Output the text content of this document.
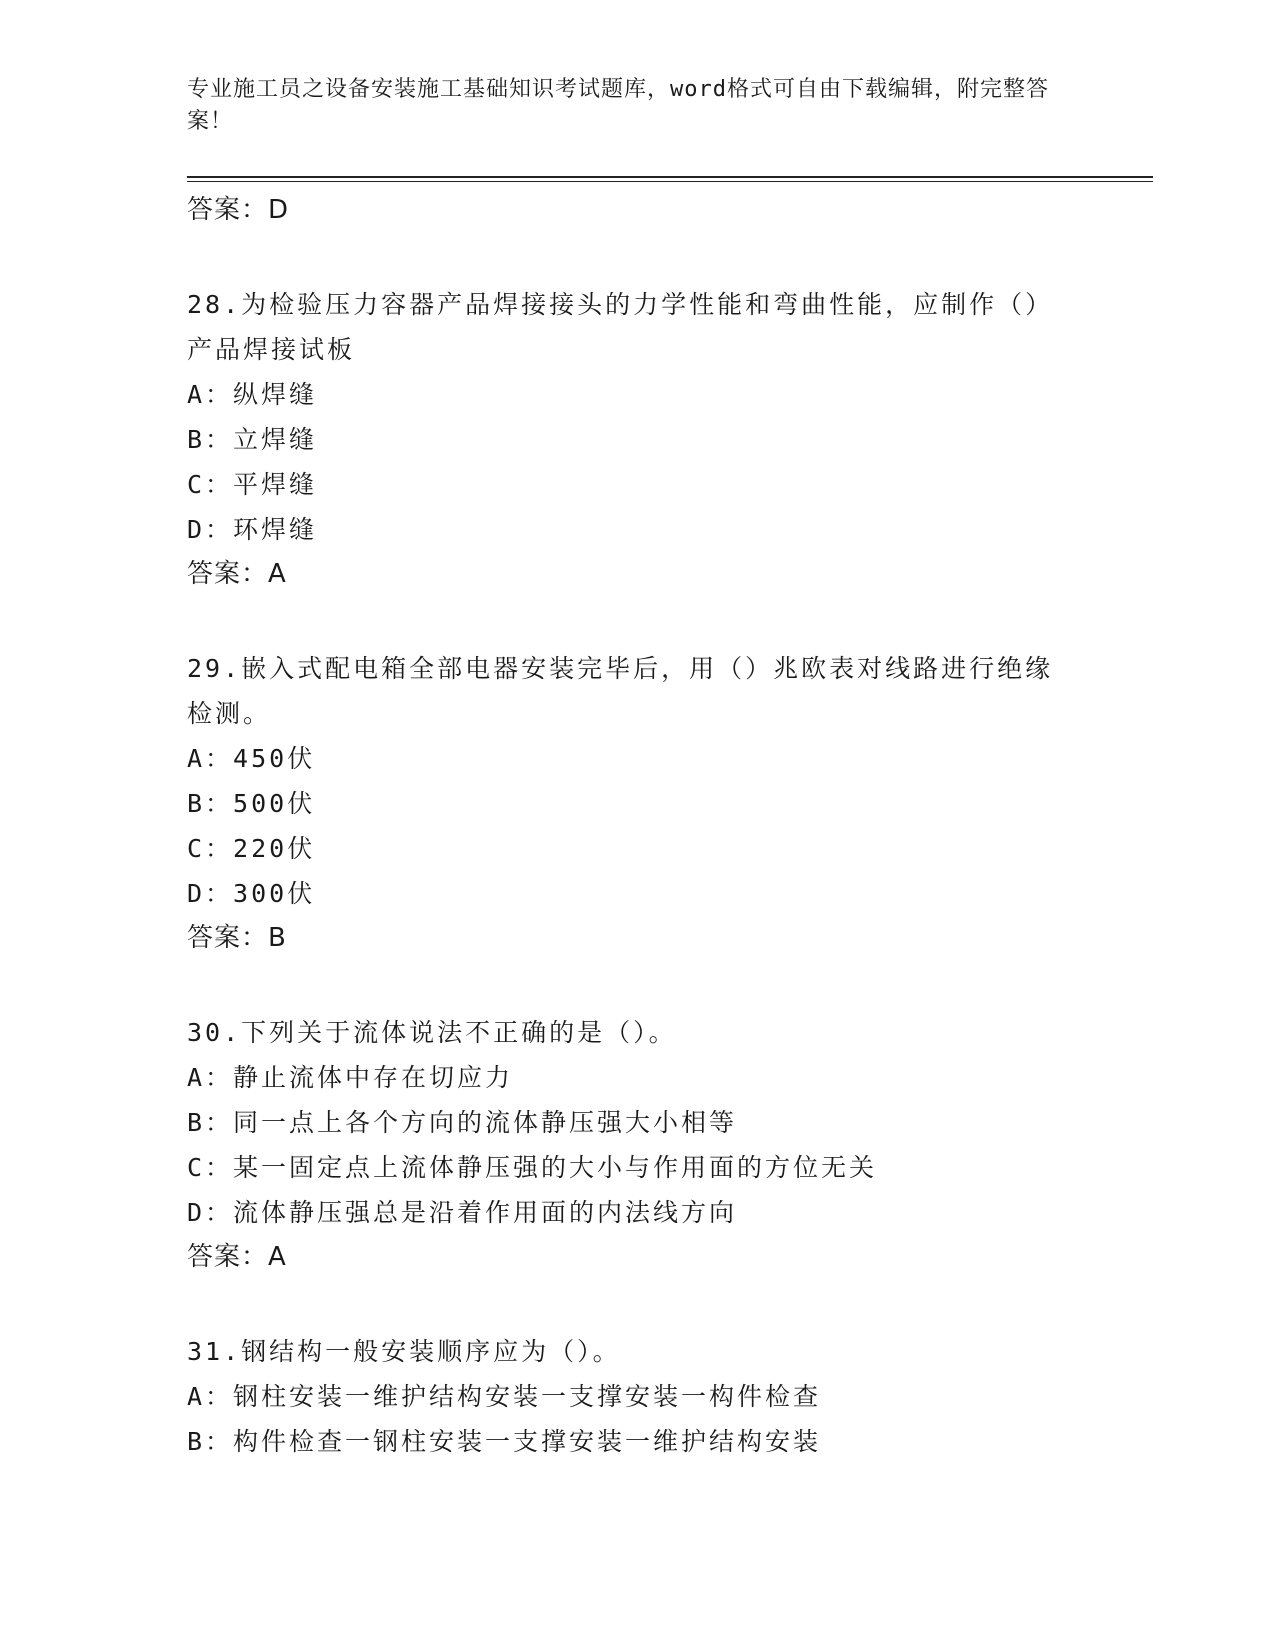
专业施工员之设备安装施工基础知识考试题库，word格式可自由下载编辑，附完整答案！
答案：D
28.为检验压力容器产品焊接接头的力学性能和弯曲性能，应制作（）产品焊接试板
A：纵焊缝
B：立焊缝
C：平焊缝
D：环焊缝
答案：A
29.嵌入式配电箱全部电器安装完毕后，用（）兆欧表对线路进行绝缘检测。
A：450伏
B：500伏
C：220伏
D：300伏
答案：B
30.下列关于流体说法不正确的是（）。
A：静止流体中存在切应力
B：同一点上各个方向的流体静压强大小相等
C：某一固定点上流体静压强的大小与作用面的方位无关
D：流体静压强总是沿着作用面的内法线方向
答案：A
31.钢结构一般安装顺序应为（）。
A：钢柱安装一维护结构安装一支撑安装一构件检查
B：构件检查一钢柱安装一支撑安装一维护结构安装
